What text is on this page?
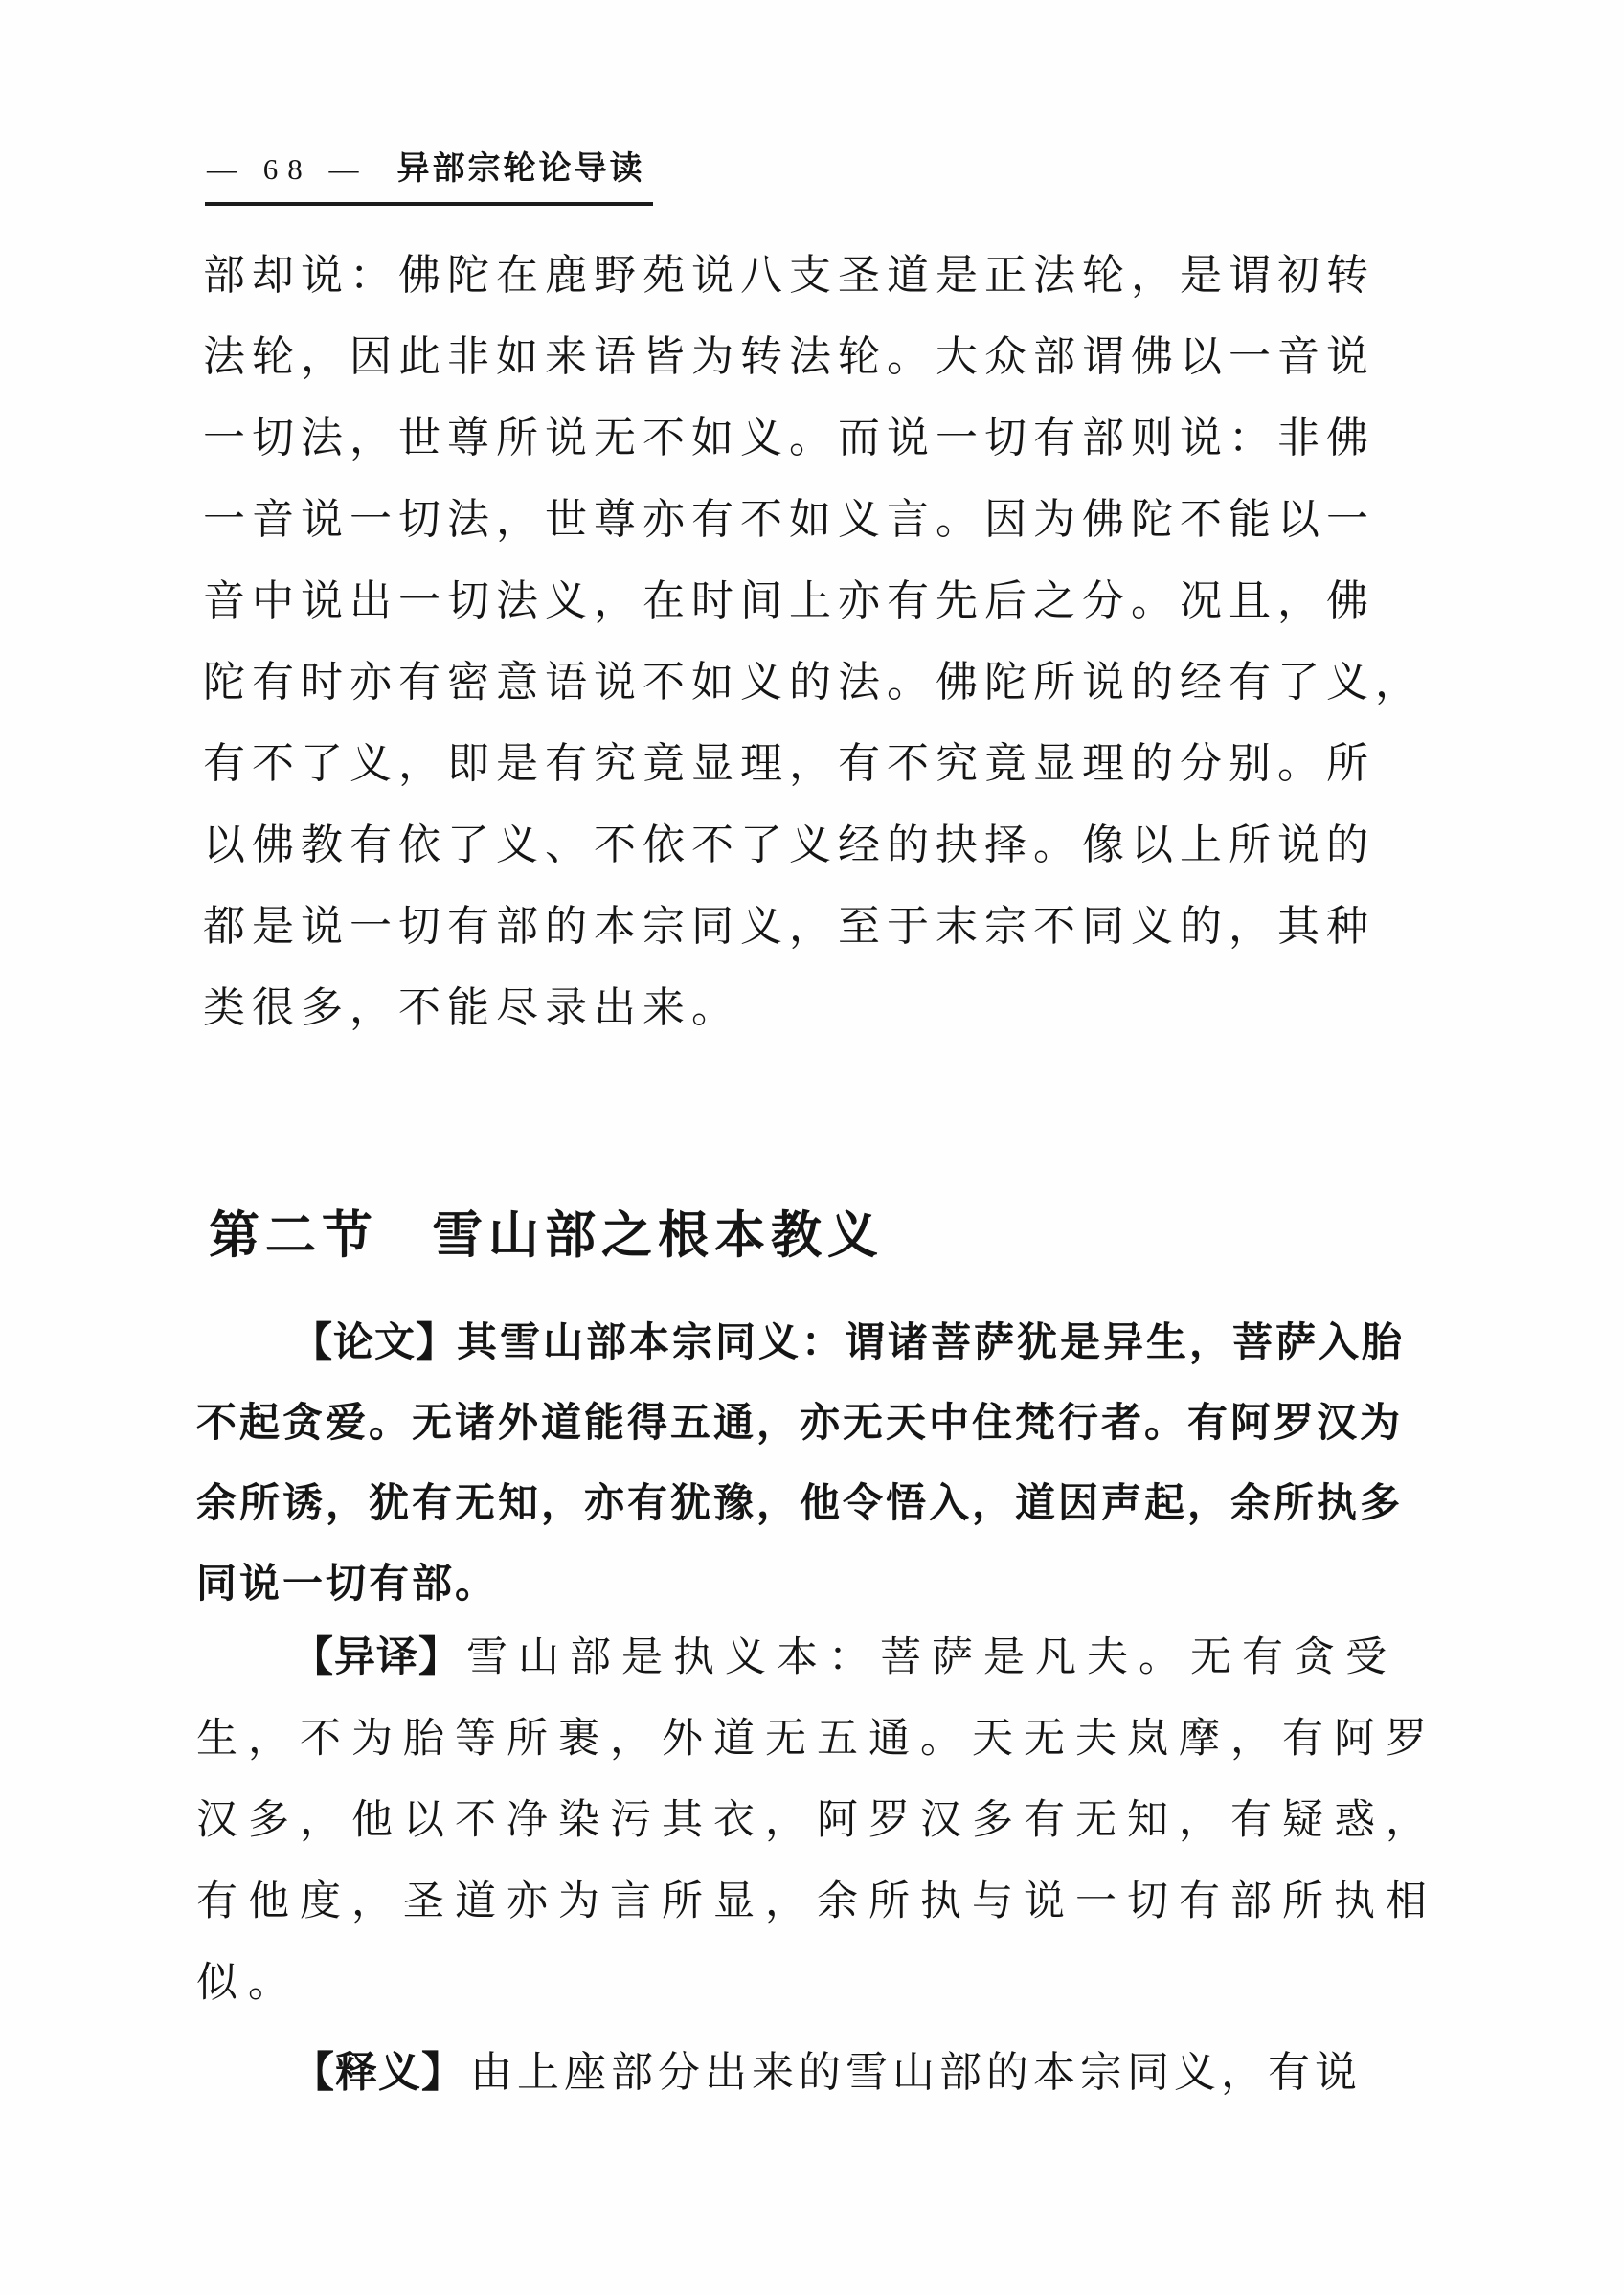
— 68 — 异部宗轮论导读
部却说：佛陀在鹿野苑说八支圣道是正法轮，是谓初转
法轮，因此非如来语皆为转法轮。大众部谓佛以一音说
一切法，世尊所说无不如义。而说一切有部则说：非佛
一音说一切法，世尊亦有不如义言。因为佛陀不能以一
音中说出一切法义，在时间上亦有先后之分。况且，佛
陀有时亦有密意语说不如义的法。佛陀所说的经有了义，
有不了义，即是有究竟显理，有不究竟显理的分别。所
以佛教有依了义、不依不了义经的抉择。像以上所说的
都是说一切有部的本宗同义，至于末宗不同义的，其种
类很多，不能尽录出来。
第二节 雪山部之根本教义
【论文】其雪山部本宗同义：谓诸菩萨犹是异生，菩萨入胎
不起贪爱。无诸外道能得五通，亦无天中住梵行者。有阿罗汉为
余所诱，犹有无知，亦有犹豫，他令悟入，道因声起，余所执多
同说一切有部。
【异译】 雪山部是执义本：菩萨是凡夫。无有贪受
生，不为胎等所裹，外道无五通。天无夫岚摩，有阿罗
汉多，他以不净染污其衣，阿罗汉多有无知，有疑惑，
有他度，圣道亦为言所显，余所执与说一切有部所执相
似。
【释义】 由上座部分出来的雪山部的本宗同义，有说
